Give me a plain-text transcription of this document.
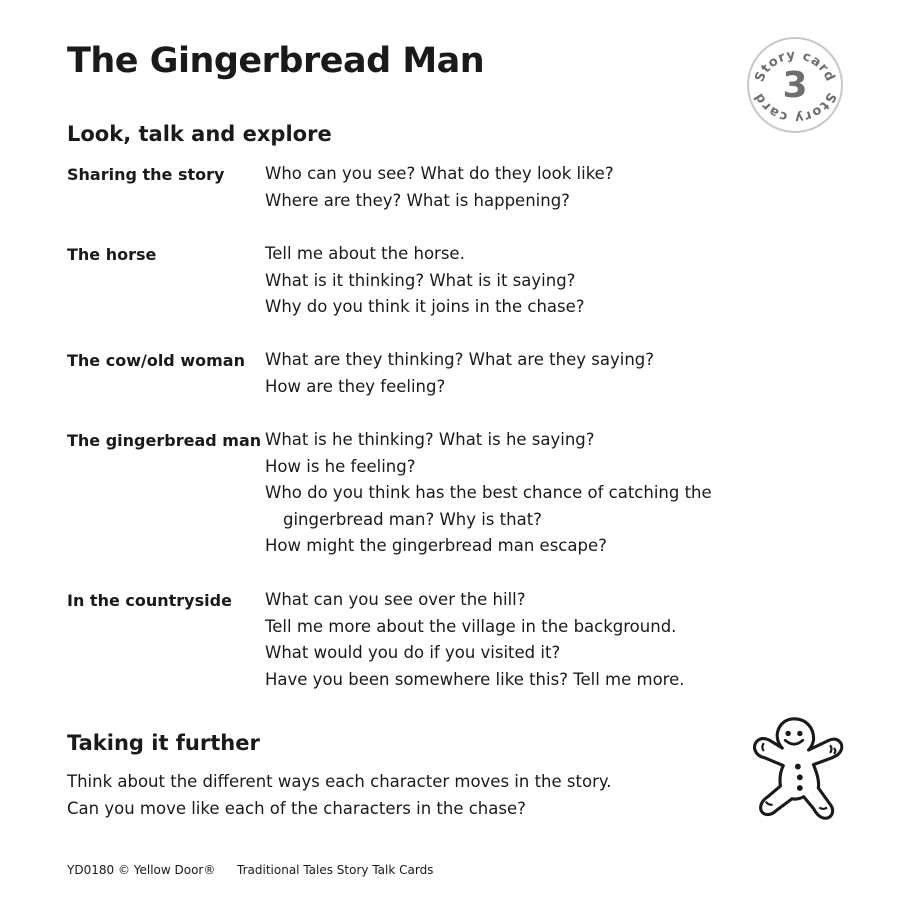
The Gingerbread Man	Story card
Story card 3
Look, talk and explore
Sharing the story Who can you see? What do they look like?
Where are they? What is happening?
The horse	Tell me about the horse.
What is it thinking? What is it saying?
Why do you think it joins in the chase?
The cow/old woman What are they thinking? What are they saying?
How are they feeling?
The gingerbread man What is he thinking? What is he saying?
How is he feeling?
Who do you think has the best chance of catching the gingerbread man? Why is that?
How might the gingerbread man escape?
In the countryside What can you see over the hill?
Tell me more about the village in the background.
What would you do if you visited it?
Have you been somewhere like this? Tell me more.
Taking it further
Think about the different ways each character moves in the story.
Can you move like each of the characters in the chase?
YD0180 © Yellow Door® Traditional Tales Story Talk Cards
